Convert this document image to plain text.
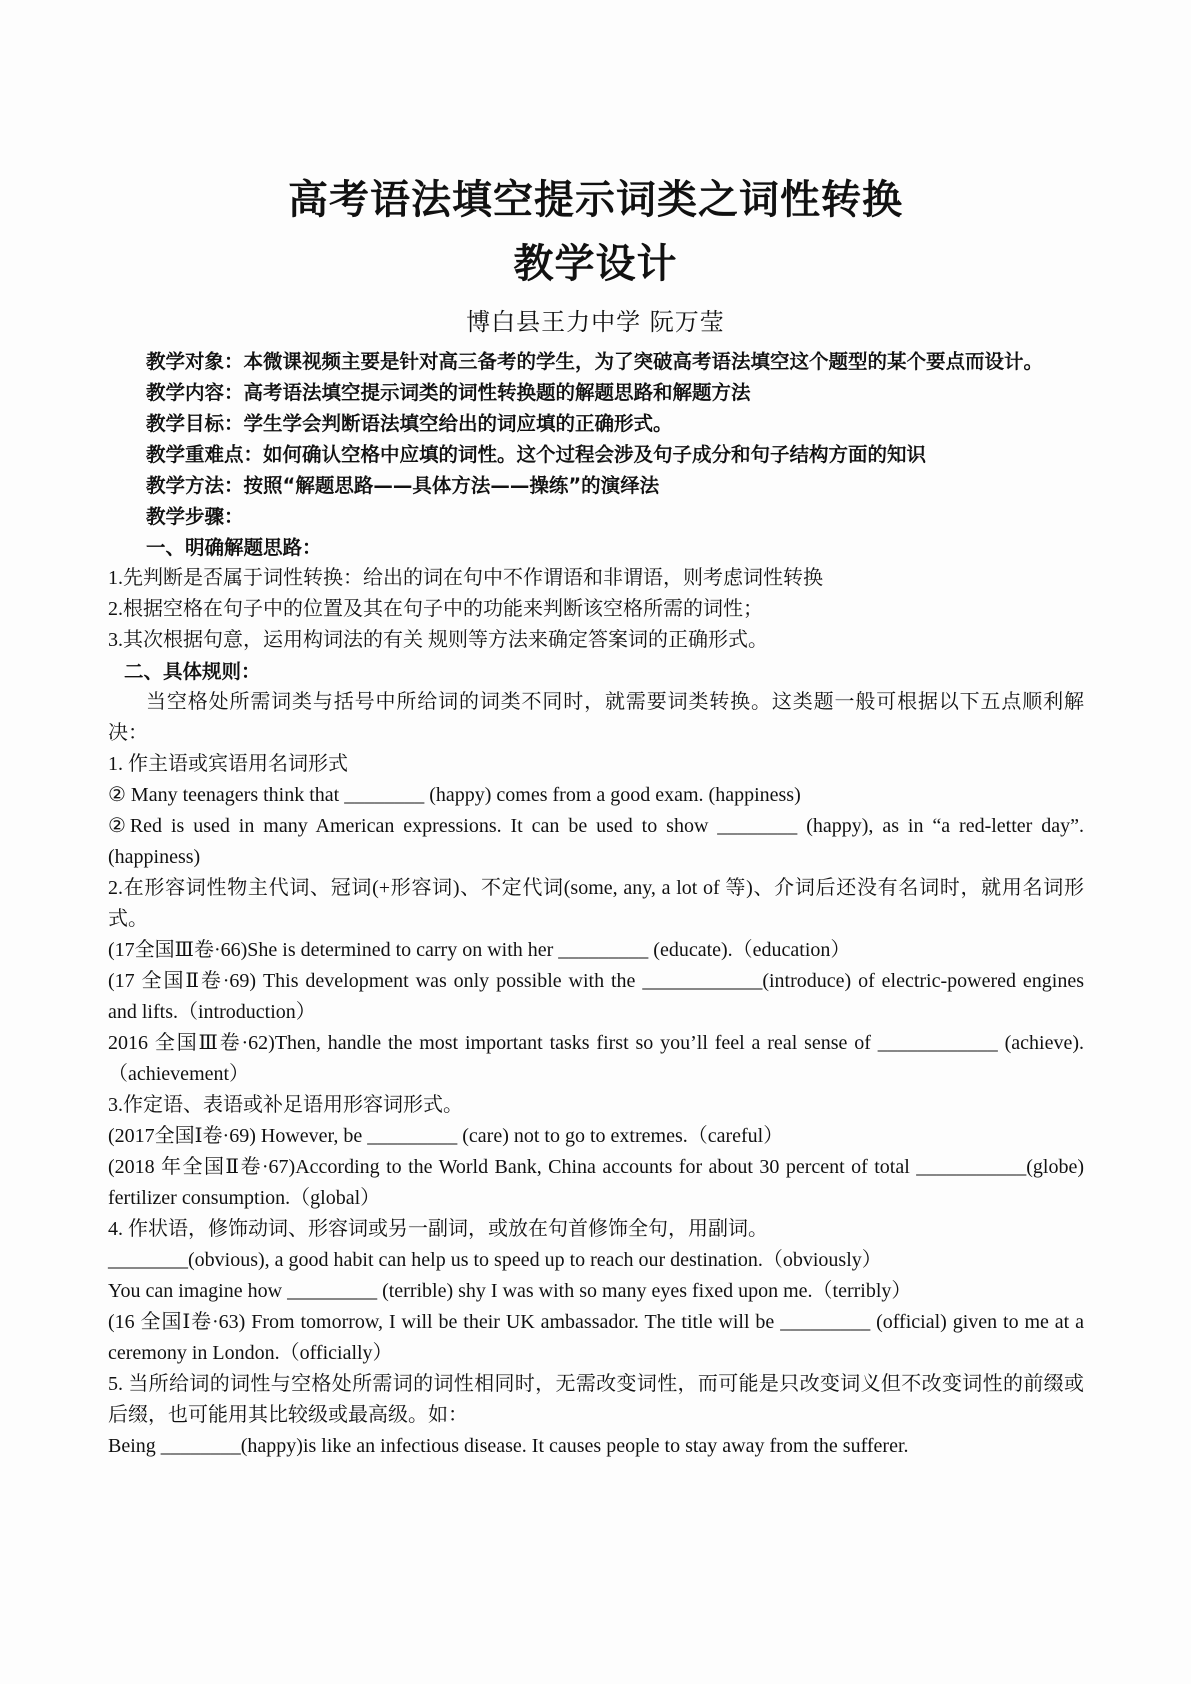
高考语法填空提示词类之词性转换
教学设计
博白县王力中学 阮万莹

教学对象：本微课视频主要是针对高三备考的学生，为了突破高考语法填空这个题型的某个要点而设计。

教学内容：高考语法填空提示词类的词性转换题的解题思路和解题方法

教学目标：学生学会判断语法填空给出的词应填的正确形式。

教学重难点：如何确认空格中应填的词性。这个过程会涉及句子成分和句子结构方面的知识

教学方法：按照“解题思路——具体方法——操练”的演绎法

教学步骤：

一、明确解题思路：

1.先判断是否属于词性转换：给出的词在句中不作谓语和非谓语，则考虑词性转换

2.根据空格在句子中的位置及其在句子中的功能来判断该空格所需的词性；

3.其次根据句意，运用构词法的有关 规则等方法来确定答案词的正确形式。

二、具体规则：

当空格处所需词类与括号中所给词的词类不同时，就需要词类转换。这类题一般可根据以下五点顺利解决：

1. 作主语或宾语用名词形式

② Many teenagers think that ________ (happy) comes from a good exam. (happiness)

②Red is used in many American expressions. It can be used to show ________ (happy), as in “a red-letter day”.(happiness)

2.在形容词性物主代词、冠词(+形容词)、不定代词(some, any, a lot of 等)、介词后还没有名词时，就用名词形式。

(17全国Ⅲ卷·66)She is determined to carry on with her _________ (educate).（education）

(17 全国Ⅱ卷·69) This development was only possible with the ____________(introduce) of electric-powered engines and lifts.（introduction）

2016 全国Ⅲ卷·62)Then, handle the most important tasks first so you’ll feel a real sense of ____________ (achieve). （achievement）

3.作定语、表语或补足语用形容词形式。

(2017全国Ⅰ卷·69) However, be _________ (care) not to go to extremes.（careful）

(2018 年全国Ⅱ卷·67)According to the World Bank, China accounts for about 30 percent of total ___________(globe) fertilizer consumption.（global）

4. 作状语，修饰动词、形容词或另一副词，或放在句首修饰全句，用副词。

________(obvious), a good habit can help us to speed up to reach our destination.（obviously）

You can imagine how _________ (terrible) shy I was with so many eyes fixed upon me.（terribly）

(16 全国Ⅰ卷·63) From tomorrow, I will be their UK ambassador. The title will be _________ (official) given to me at a ceremony in London.（officially）

5. 当所给词的词性与空格处所需词的词性相同时，无需改变词性，而可能是只改变词义但不改变词性的前缀或后缀，也可能用其比较级或最高级。如：

Being ________(happy)is like an infectious disease. It causes people to stay away from the sufferer.
